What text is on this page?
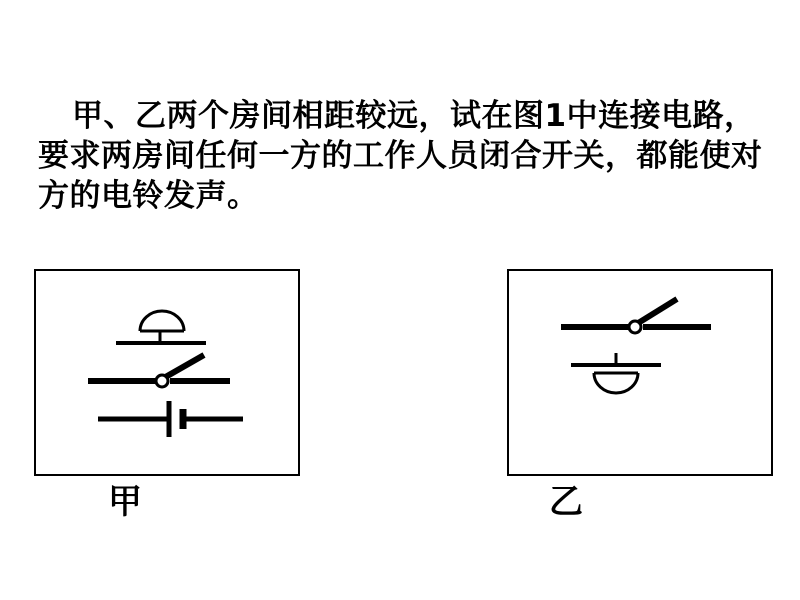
甲、乙两个房间相距较远，试在图1中连接电路，要求两房间任何一方的工作人员闭合开关，都能使对方的电铃发声。
甲	乙
